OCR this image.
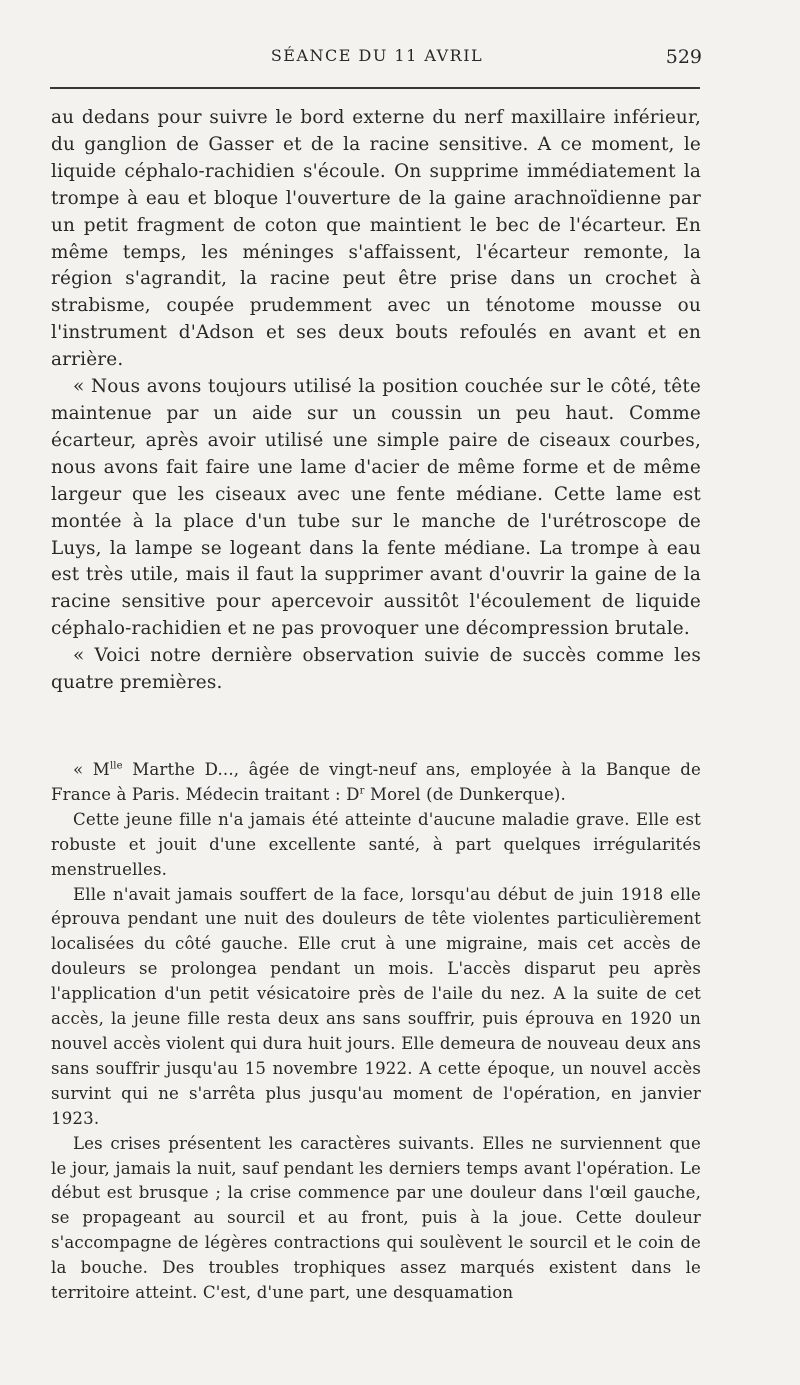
SÉANCE DU 11 AVRIL	529

au dedans pour suivre le bord externe du nerf maxillaire inférieur, du ganglion de Gasser et de la racine sensitive. A ce moment, le liquide céphalo-rachidien s'écoule. On supprime immédiatement la trompe à eau et bloque l'ouverture de la gaine arachnoïdienne par un petit fragment de coton que maintient le bec de l'écarteur. En même temps, les méninges s'affaissent, l'écarteur remonte, la région s'agrandit, la racine peut être prise dans un crochet à strabisme, coupée prudemment avec un ténotome mousse ou l'instrument d'Adson et ses deux bouts refoulés en avant et en arrière.

« Nous avons toujours utilisé la position couchée sur le côté, tête maintenue par un aide sur un coussin un peu haut. Comme écarteur, après avoir utilisé une simple paire de ciseaux courbes, nous avons fait faire une lame d'acier de même forme et de même largeur que les ciseaux avec une fente médiane. Cette lame est montée à la place d'un tube sur le manche de l'urétroscope de Luys, la lampe se logeant dans la fente médiane. La trompe à eau est très utile, mais il faut la supprimer avant d'ouvrir la gaine de la racine sensitive pour apercevoir aussitôt l'écoulement de liquide céphalo-rachidien et ne pas provoquer une décompression brutale.

« Voici notre dernière observation suivie de succès comme les quatre premières.

« $M^{lle}$ Marthe D..., âgée de vingt-neuf ans, employée à la Banque de France à Paris. Médecin traitant : $D^r$ Morel (de Dunkerque).

Cette jeune fille n'a jamais été atteinte d'aucune maladie grave. Elle est robuste et jouit d'une excellente santé, à part quelques irrégularités menstruelles.

Elle n'avait jamais souffert de la face, lorsqu'au début de juin 1918 elle éprouva pendant une nuit des douleurs de tête violentes particulièrement localisées du côté gauche. Elle crut à une migraine, mais cet accès de douleurs se prolongea pendant un mois. L'accès disparut peu après l'application d'un petit vésicatoire près de l'aile du nez. A la suite de cet accès, la jeune fille resta deux ans sans souffrir, puis éprouva en 1920 un nouvel accès violent qui dura huit jours. Elle demeura de nouveau deux ans sans souffrir jusqu'au 15 novembre 1922. A cette époque, un nouvel accès survint qui ne s'arrêta plus jusqu'au moment de l'opération, en janvier 1923.

Les crises présentent les caractères suivants. Elles ne surviennent que le jour, jamais la nuit, sauf pendant les derniers temps avant l'opération. Le début est brusque ; la crise commence par une douleur dans l'œil gauche, se propageant au sourcil et au front, puis à la joue. Cette douleur s'accompagne de légères contractions qui soulèvent le sourcil et le coin de la bouche. Des troubles trophiques assez marqués existent dans le territoire atteint. C'est, d'une part, une desquamation
